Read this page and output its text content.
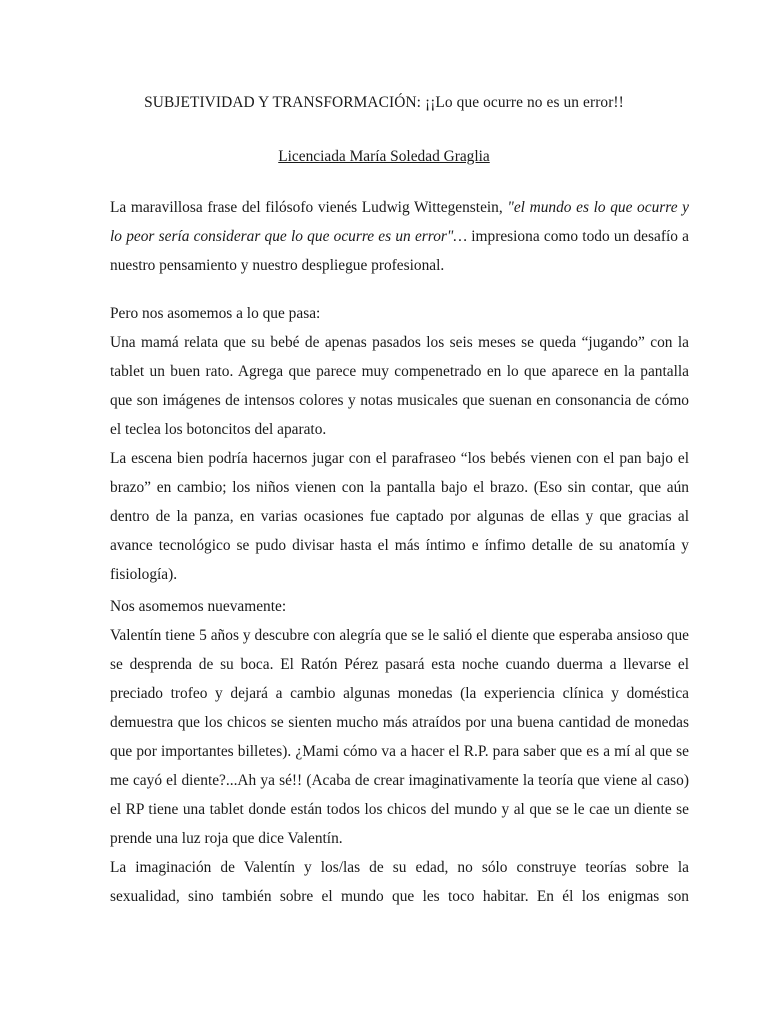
SUBJETIVIDAD Y TRANSFORMACIÓN: ¡¡Lo que ocurre no es un error!!

Licenciada María Soledad Graglia

La maravillosa frase del filósofo vienés Ludwig Wittegenstein, "el mundo es lo que ocurre y lo peor sería considerar que lo que ocurre es un error"… impresiona como todo un desafío a nuestro pensamiento y nuestro despliegue profesional.

Pero nos asomemos a lo que pasa:

Una mamá relata que su bebé de apenas pasados los seis meses se queda “jugando” con la tablet un buen rato. Agrega que parece muy compenetrado en lo que aparece en la pantalla que son imágenes de intensos colores y notas musicales que suenan en consonancia de cómo el teclea los botoncitos del aparato.

La escena bien podría hacernos jugar con el parafraseo “los bebés vienen con el pan bajo el brazo” en cambio; los niños vienen con la pantalla bajo el brazo. (Eso sin contar, que aún dentro de la panza, en varias ocasiones fue captado por algunas de ellas y que gracias al avance tecnológico se pudo divisar hasta el más íntimo e ínfimo detalle de su anatomía y fisiología).

Nos asomemos nuevamente:

Valentín tiene 5 años y descubre con alegría que se le salió el diente que esperaba ansioso que se desprenda de su boca. El Ratón Pérez pasará esta noche cuando duerma a llevarse el preciado trofeo y dejará a cambio algunas monedas (la experiencia clínica y doméstica demuestra que los chicos se sienten mucho más atraídos por una buena cantidad de monedas que por importantes billetes). ¿Mami cómo va a hacer el R.P. para saber que es a mí al que se me cayó el diente?...Ah ya sé!! (Acaba de crear imaginativamente la teoría que viene al caso) el RP tiene una tablet donde están todos los chicos del mundo y al que se le cae un diente se prende una luz roja que dice Valentín.

La imaginación de Valentín y los/las de su edad, no sólo construye teorías sobre la sexualidad, sino también sobre el mundo que les toco habitar. En él los enigmas son
